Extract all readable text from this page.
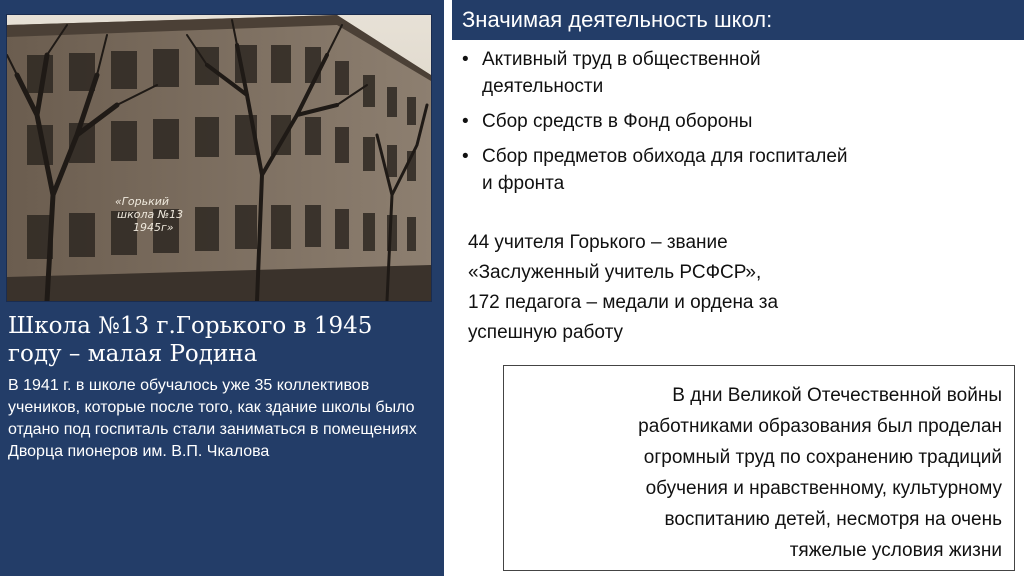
«Горький
школа №13
1945г»
Школа №13 г.Горького в 1945 году – малая Родина
В 1941 г. в школе обучалось уже 35 коллективов учеников, которые после того, как здание школы было отдано под госпиталь стали заниматься в помещениях Дворца пионеров им. В.П. Чкалова
Значимая деятельность школ:
• Активный труд в общественной
деятельности
• Сбор средств в Фонд обороны
• Сбор предметов обихода для госпиталей
и фронта
44 учителя Горького – звание
«Заслуженный учитель РСФСР»,
172 педагога – медали и ордена за
успешную работу
В дни Великой Отечественной войны
работниками образования был проделан
огромный труд по сохранению традиций
обучения и нравственному, культурному
воспитанию детей, несмотря на очень
тяжелые условия жизни
